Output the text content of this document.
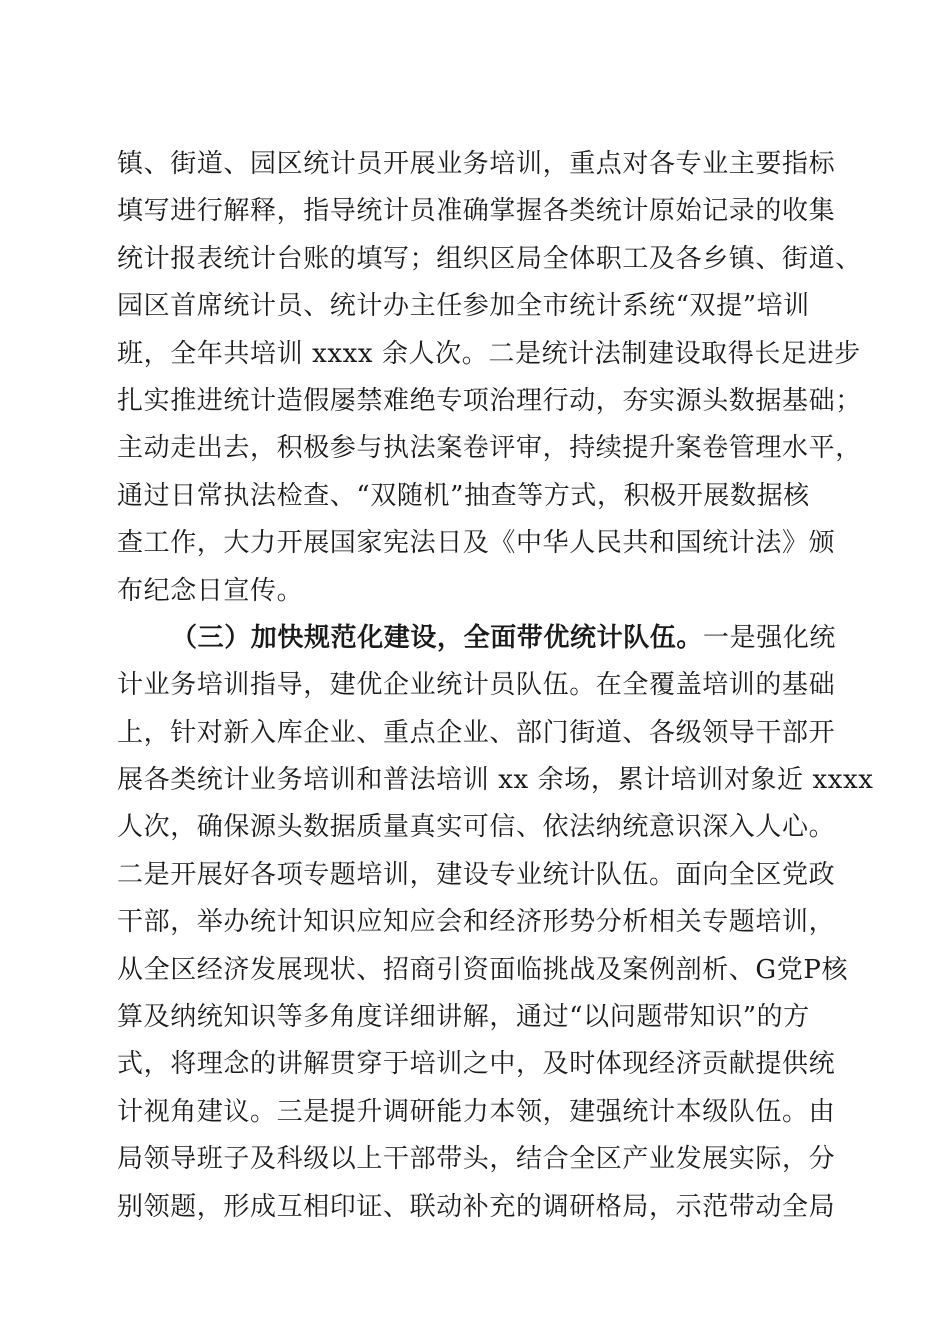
镇、街道、园区统计员开展业务培训，重点对各专业主要指标
填写进行解释，指导统计员准确掌握各类统计原始记录的收集
统计报表统计台账的填写；组织区局全体职工及各乡镇、街道、
园区首席统计员、统计办主任参加全市统计系统“双提”培训
班，全年共培训 xxxx 余人次。二是统计法制建设取得长足进步
扎实推进统计造假屡禁难绝专项治理行动，夯实源头数据基础；
主动走出去，积极参与执法案卷评审，持续提升案卷管理水平，
通过日常执法检查、“双随机”抽查等方式，积极开展数据核
查工作，大力开展国家宪法日及《中华人民共和国统计法》颁
布纪念日宣传。
（三）加快规范化建设，全面带优统计队伍。一是强化统
计业务培训指导，建优企业统计员队伍。在全覆盖培训的基础
上，针对新入库企业、重点企业、部门街道、各级领导干部开
展各类统计业务培训和普法培训 xx 余场，累计培训对象近 xxxx
人次，确保源头数据质量真实可信、依法纳统意识深入人心。
二是开展好各项专题培训，建设专业统计队伍。面向全区党政
干部，举办统计知识应知应会和经济形势分析相关专题培训，
从全区经济发展现状、招商引资面临挑战及案例剖析、G党P核
算及纳统知识等多角度详细讲解，通过“以问题带知识”的方
式，将理念的讲解贯穿于培训之中，及时体现经济贡献提供统
计视角建议。三是提升调研能力本领，建强统计本级队伍。由
局领导班子及科级以上干部带头，结合全区产业发展实际，分
别领题，形成互相印证、联动补充的调研格局，示范带动全局
